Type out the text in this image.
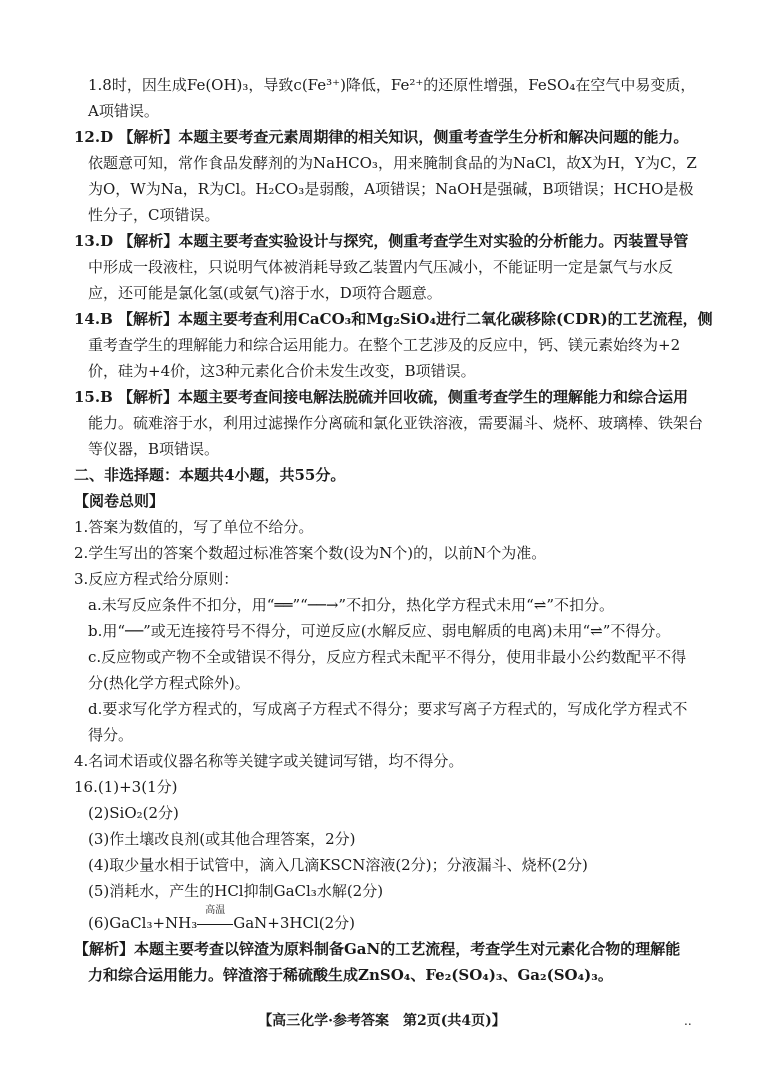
1.8时，因生成Fe(OH)₃，导致c(Fe³⁺)降低，Fe²⁺的还原性增强，FeSO₄在空气中易变质，

A项错误。

12.D 【解析】本题主要考查元素周期律的相关知识，侧重考查学生分析和解决问题的能力。

依题意可知，常作食品发酵剂的为NaHCO₃，用来腌制食品的为NaCl，故X为H，Y为C，Z

为O，W为Na，R为Cl。H₂CO₃是弱酸，A项错误；NaOH是强碱，B项错误；HCHO是极

性分子，C项错误。

13.D 【解析】本题主要考查实验设计与探究，侧重考查学生对实验的分析能力。丙装置导管

中形成一段液柱，只说明气体被消耗导致乙装置内气压减小，不能证明一定是氯气与水反

应，还可能是氯化氢(或氨气)溶于水，D项符合题意。

14.B 【解析】本题主要考查利用CaCO₃和Mg₂SiO₄进行二氧化碳移除(CDR)的工艺流程，侧

重考查学生的理解能力和综合运用能力。在整个工艺涉及的反应中，钙、镁元素始终为+2

价，硅为+4价，这3种元素化合价未发生改变，B项错误。

15.B 【解析】本题主要考查间接电解法脱硫并回收硫，侧重考查学生的理解能力和综合运用

能力。硫难溶于水，利用过滤操作分离硫和氯化亚铁溶液，需要漏斗、烧杯、玻璃棒、铁架台

等仪器，B项错误。

二、非选择题：本题共4小题，共55分。

【阅卷总则】

1.答案为数值的，写了单位不给分。

2.学生写出的答案个数超过标准答案个数(设为N个)的，以前N个为准。

3.反应方程式给分原则：

a.未写反应条件不扣分，用“══”“──→”不扣分，热化学方程式未用“⇌”不扣分。

b.用“──”或无连接符号不得分，可逆反应(水解反应、弱电解质的电离)未用“⇌”不得分。

c.反应物或产物不全或错误不得分，反应方程式未配平不得分，使用非最小公约数配平不得

分(热化学方程式除外)。

d.要求写化学方程式的，写成离子方程式不得分；要求写离子方程式的，写成化学方程式不

得分。

4.名词术语或仪器名称等关键字或关键词写错，均不得分。

16.(1)+3(1分)

(2)SiO₂(2分)

(3)作土壤改良剂(或其他合理答案，2分)

(4)取少量水相于试管中，滴入几滴KSCN溶液(2分)；分液漏斗、烧杯(2分)

(5)消耗水，产生的HCl抑制GaCl₃水解(2分)

(6)GaCl₃+NH₃
高温
GaN+3HCl(2分)

【解析】本题主要考查以锌渣为原料制备GaN的工艺流程，考查学生对元素化合物的理解能

力和综合运用能力。锌渣溶于稀硫酸生成ZnSO₄、Fe₂(SO₄)₃、Ga₂(SO₄)₃。

【高三化学·参考答案　第2页(共4页)】	..
